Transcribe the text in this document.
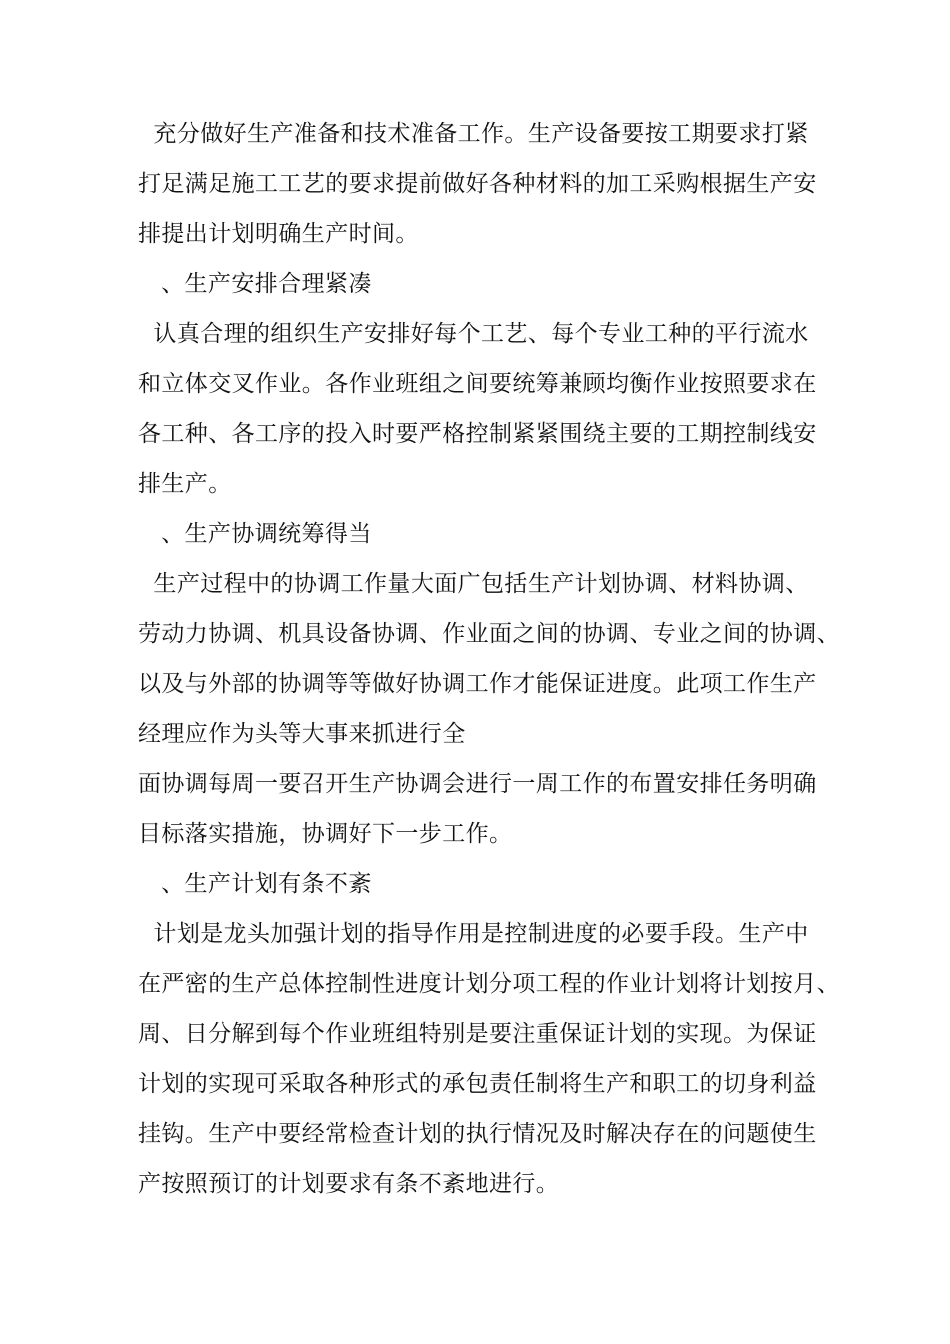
充分做好生产准备和技术准备工作。生产设备要按工期要求打紧
打足满足施工工艺的要求提前做好各种材料的加工采购根据生产安
排提出计划明确生产时间。
、生产安排合理紧凑
认真合理的组织生产安排好每个工艺、每个专业工种的平行流水
和立体交叉作业。各作业班组之间要统筹兼顾均衡作业按照要求在
各工种、各工序的投入时要严格控制紧紧围绕主要的工期控制线安
排生产。
、生产协调统筹得当
生产过程中的协调工作量大面广包括生产计划协调、材料协调、
劳动力协调、机具设备协调、作业面之间的协调、专业之间的协调、
以及与外部的协调等等做好协调工作才能保证进度。此项工作生产
经理应作为头等大事来抓进行全
面协调每周一要召开生产协调会进行一周工作的布置安排任务明确
目标落实措施，协调好下一步工作。
、生产计划有条不紊
计划是龙头加强计划的指导作用是控制进度的必要手段。生产中
在严密的生产总体控制性进度计划分项工程的作业计划将计划按月、
周、日分解到每个作业班组特别是要注重保证计划的实现。为保证
计划的实现可采取各种形式的承包责任制将生产和职工的切身利益
挂钩。生产中要经常检查计划的执行情况及时解决存在的问题使生
产按照预订的计划要求有条不紊地进行。
